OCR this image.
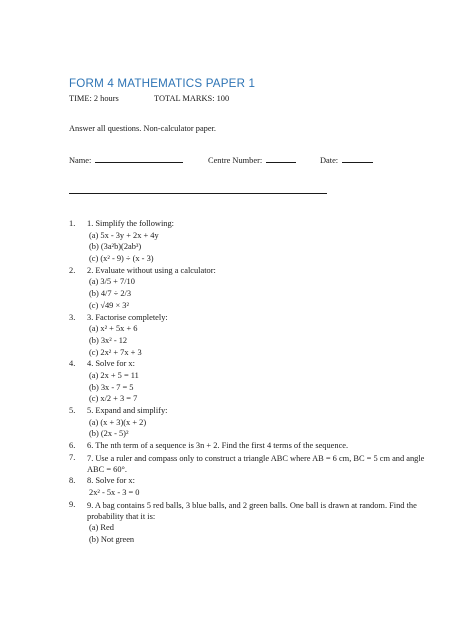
FORM 4 MATHEMATICS PAPER 1
TIME: 2 hours	TOTAL MARKS: 100
Answer all questions. Non-calculator paper.
Name:	Centre Number:	Date:
1. 1. Simplify the following:
(a) 5x - 3y + 2x + 4y
(b) (3a²b)(2ab³)
(c) (x² - 9) ÷ (x - 3)
2. 2. Evaluate without using a calculator:
(a) 3/5 + 7/10
(b) 4/7 ÷ 2/3
(c) √49 × 3²
3. 3. Factorise completely:
(a) x² + 5x + 6
(b) 3x² - 12
(c) 2x² + 7x + 3
4. 4. Solve for x:
(a) 2x + 5 = 11
(b) 3x - 7 = 5
(c) x/2 + 3 = 7
5. 5. Expand and simplify:
(a) (x + 3)(x + 2)
(b) (2x - 5)²
6. 6. The nth term of a sequence is 3n + 2. Find the first 4 terms of the sequence.
7. 7. Use a ruler and compass only to construct a triangle ABC where AB = 6 cm, BC = 5 cm and angle ABC = 60°.
8. 8. Solve for x:
2x² - 5x - 3 = 0
9. 9. A bag contains 5 red balls, 3 blue balls, and 2 green balls. One ball is drawn at random. Find the probability that it is:
(a) Red
(b) Not green
